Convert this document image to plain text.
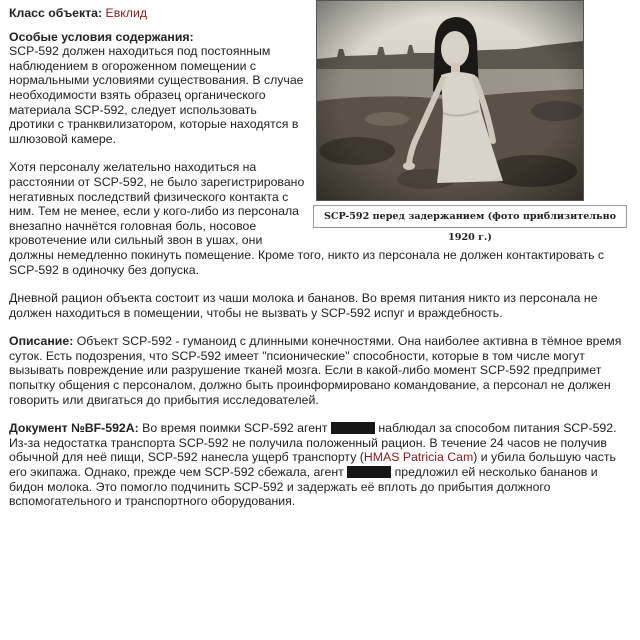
SCP-592 перед задержанием (фото приблизительно 1920 г.)
Класс объекта: Евклид
Особые условия содержания:

SCP-592 должен находиться под постоянным наблюдением в огороженном помещении с нормальными условиями существования. В случае необходимости взять образец органического материала SCP-592, следует использовать дротики с транквилизатором, которые находятся в шлюзовой камере.

Хотя персоналу желательно находиться на расстоянии от SCP-592, не было зарегистрировано негативных последствий физического контакта с ним. Тем не менее, если у кого-либо из персонала внезапно начнётся головная боль, носовое кровотечение или сильный звон в ушах, они должны немедленно покинуть помещение. Кроме того, никто из персонала не должен контактировать с SCP-592 в одиночку без допуска.

Дневной рацион объекта состоит из чаши молока и бананов. Во время питания никто из персонала не должен находиться в помещении, чтобы не вызвать у SCP-592 испуг и враждебность.

Описание: Объект SCP-592 - гуманоид с длинными конечностями. Она наиболее активна в тёмное время суток. Есть подозрения, что SCP-592 имеет "псионические" способности, которые в том числе могут вызывать повреждение или разрушение тканей мозга. Если в какой-либо момент SCP-592 предпримет попытку общения с персоналом, должно быть проинформировано командование, а персонал не должен говорить или двигаться до прибытия исследователей.

Документ №BF-592A: Во время поимки SCP-592 агент	наблюдал за способом питания SCP-592. Из-за недостатка транспорта SCP-592 не получила положенный рацион. В течение 24 часов не получив обычной для неё пищи, SCP-592 нанесла ущерб транспорту (HMAS Patricia Cam) и убила большую часть его экипажа. Однако, прежде чем SCP-592 сбежала, агент	предложил ей несколько бананов и бидон молока. Это помогло подчинить SCP-592 и задержать её вплоть до прибытия должного вспомогательного и транспортного оборудования.
